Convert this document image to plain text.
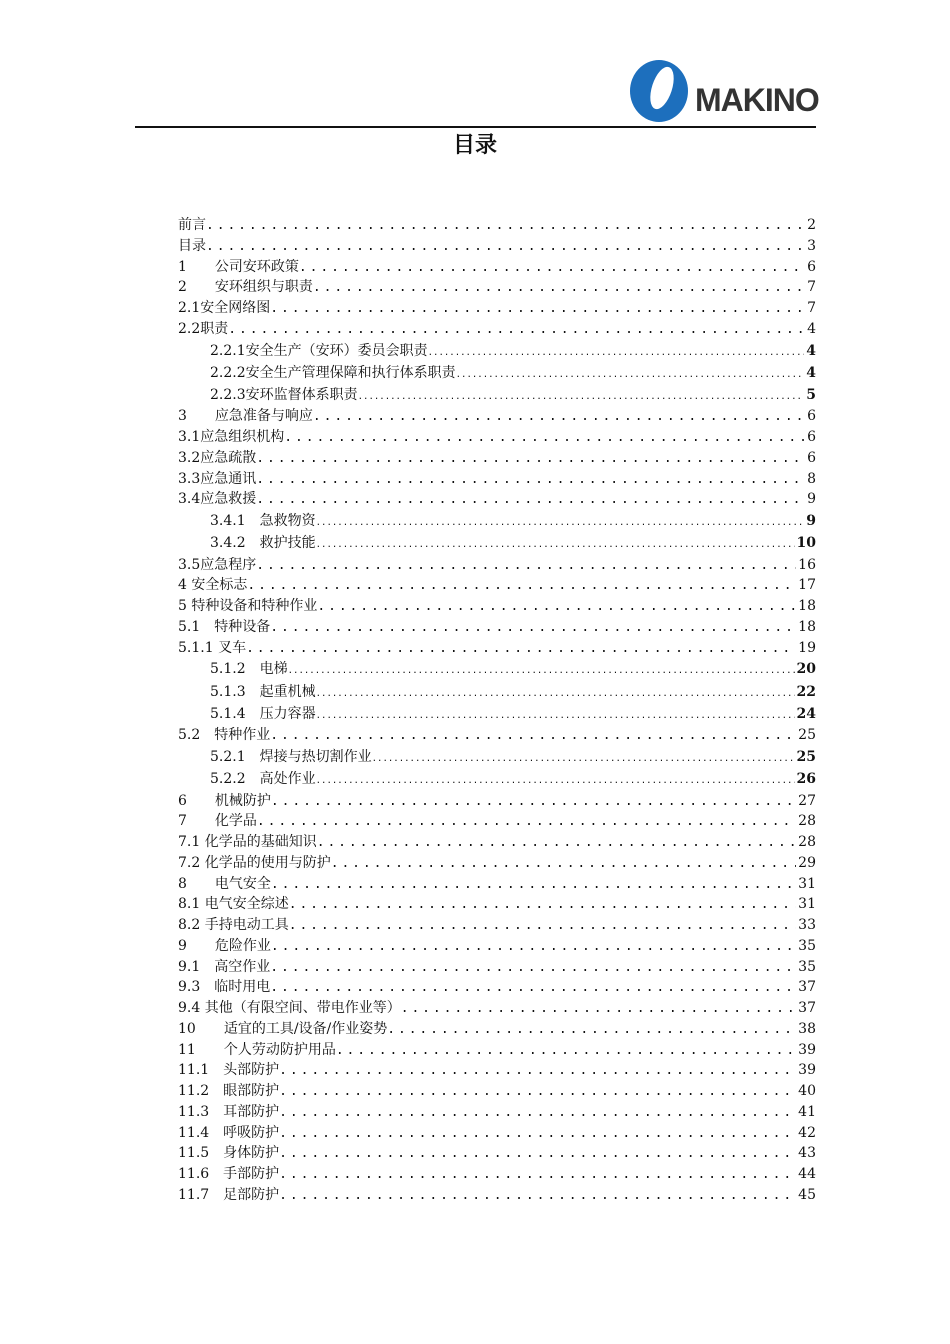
MAKINO
目录
前言 .....	2
目录 .....	3
1　　公司安环政策 .....	6
2　　安环组织与职责 .....	7
2.1安全网络图 .....	7
2.2职责 .....	4
2.2.1安全生产（安环）委员会职责 .....	4
2.2.2安全生产管理保障和执行体系职责 .....	4
2.2.3安环监督体系职责 .....	5
3　　应急准备与响应 .....	6
3.1应急组织机构 .....	6
3.2应急疏散 .....	6
3.3应急通讯 .....	8
3.4应急救援 .....	9
3.4.1　急救物资 .....	9
3.4.2　救护技能 .....	10
3.5应急程序 .....	16
4 安全标志 .....	17
5 特种设备和特种作业 .....	18
5.1　特种设备 .....	18
5.1.1 叉车 .....	19
5.1.2　电梯 .....	20
5.1.3　起重机械 .....	22
5.1.4　压力容器 .....	24
5.2　特种作业 .....	25
5.2.1　焊接与热切割作业 .....	25
5.2.2　高处作业 .....	26
6　　机械防护 .....	27
7　　化学品 .....	28
7.1 化学品的基础知识 .....	28
7.2 化学品的使用与防护 .....	29
8　　电气安全 .....	31
8.1 电气安全综述 .....	31
8.2 手持电动工具 .....	33
9　　危险作业 .....	35
9.1　高空作业 .....	35
9.3　临时用电 .....	37
9.4 其他（有限空间、带电作业等） .....	37
10　　适宜的工具/设备/作业姿势 .....	38
11　　个人劳动防护用品 .....	39
11.1　头部防护 .....	39
11.2　眼部防护 .....	40
11.3　耳部防护 .....	41
11.4　呼吸防护 .....	42
11.5　身体防护 .....	43
11.6　手部防护 .....	44
11.7　足部防护 .....	45
